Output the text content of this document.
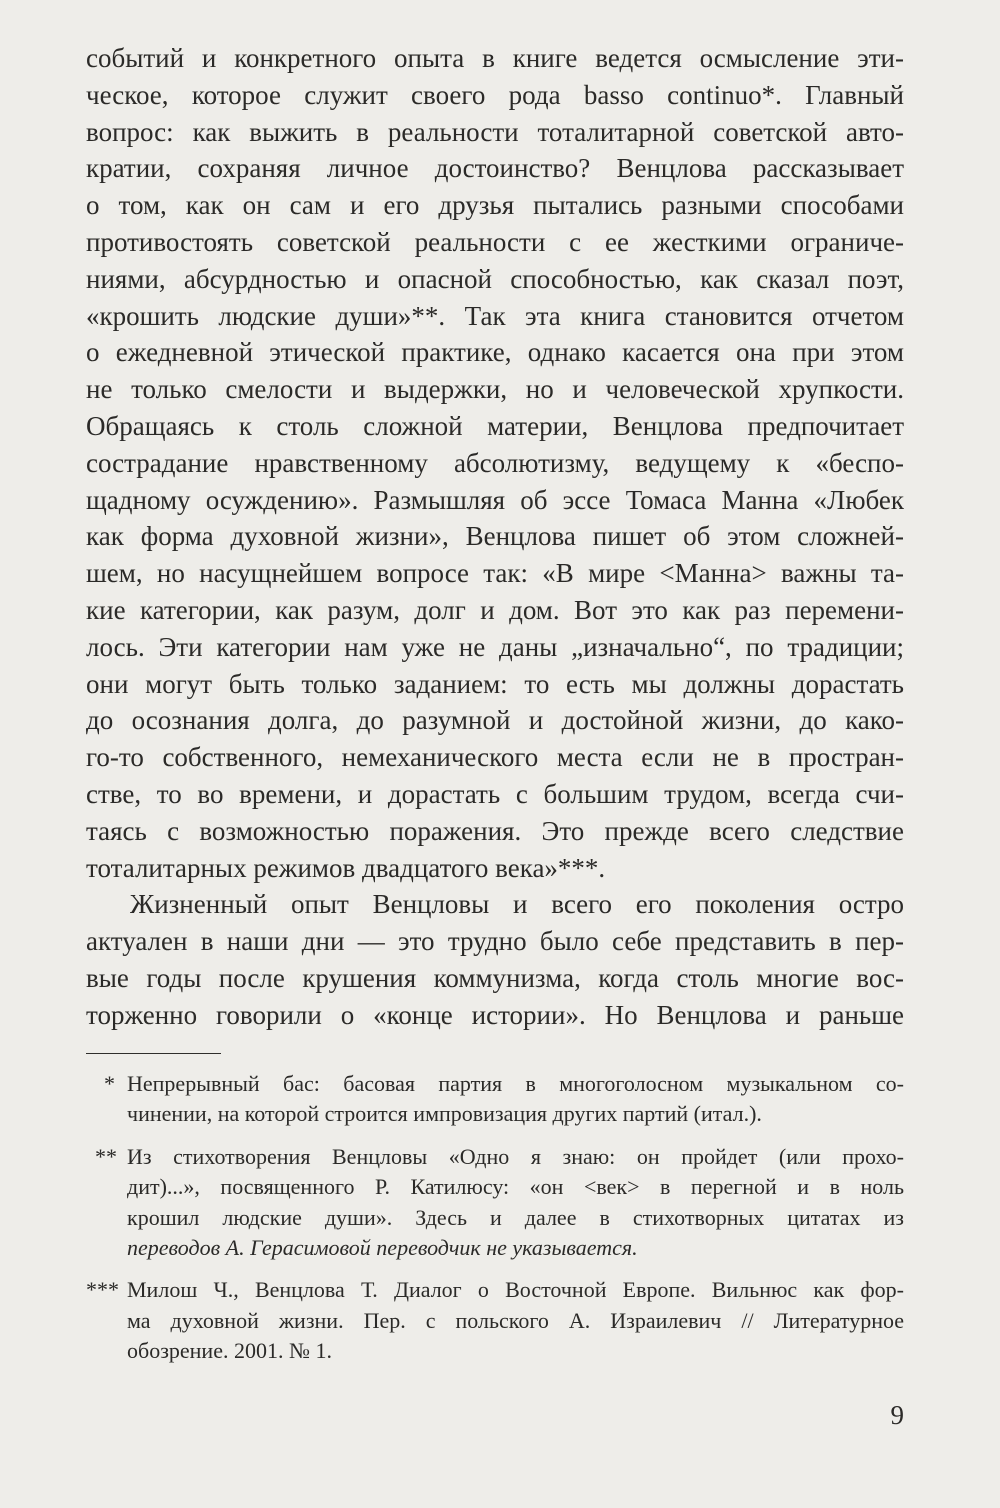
событий и конкретного опыта в книге ведется осмысление эти-
ческое, которое служит своего рода basso continuo*. Главный
вопрос: как выжить в реальности тоталитарной советской авто-
кратии, сохраняя личное достоинство? Венцлова рассказывает
о том, как он сам и его друзья пытались разными способами
противостоять советской реальности с ее жесткими ограниче-
ниями, абсурдностью и опасной способностью, как сказал поэт,
«крошить людские души»**. Так эта книга становится отчетом
о ежедневной этической практике, однако касается она при этом
не только смелости и выдержки, но и человеческой хрупкости.
Обращаясь к столь сложной материи, Венцлова предпочитает
сострадание нравственному абсолютизму, ведущему к «беспо-
щадному осуждению». Размышляя об эссе Томаса Манна «Любек
как форма духовной жизни», Венцлова пишет об этом сложней-
шем, но насущнейшем вопросе так: «В мире <Манна> важны та-
кие категории, как разум, долг и дом. Вот это как раз перемени-
лось. Эти категории нам уже не даны „изначально“, по традиции;
они могут быть только заданием: то есть мы должны дорастать
до осознания долга, до разумной и достойной жизни, до како-
го-то собственного, немеханического места если не в простран-
стве, то во времени, и дорастать с большим трудом, всегда счи-
таясь с возможностью поражения. Это прежде всего следствие
тоталитарных режимов двадцатого века»***.
Жизненный опыт Венцловы и всего его поколения остро
актуален в наши дни — это трудно было себе представить в пер-
вые годы после крушения коммунизма, когда столь многие вос-
торженно говорили о «конце истории». Но Венцлова и раньше
* Непрерывный бас: басовая партия в многоголосном музыкальном со-
чинении, на которой строится импровизация других партий (итал.).
** Из стихотворения Венцловы «Одно я знаю: он пройдет (или прохо-
дит)...», посвященного Р. Катилюсу: «он <век> в перегной и в ноль
крошил людские души». Здесь и далее в стихотворных цитатах из
переводов А. Герасимовой переводчик не указывается.
*** Милош Ч., Венцлова Т. Диалог о Восточной Европе. Вильнюс как фор-
ма духовной жизни. Пер. с польского А. Израилевич // Литературное
обозрение. 2001. № 1.
9
